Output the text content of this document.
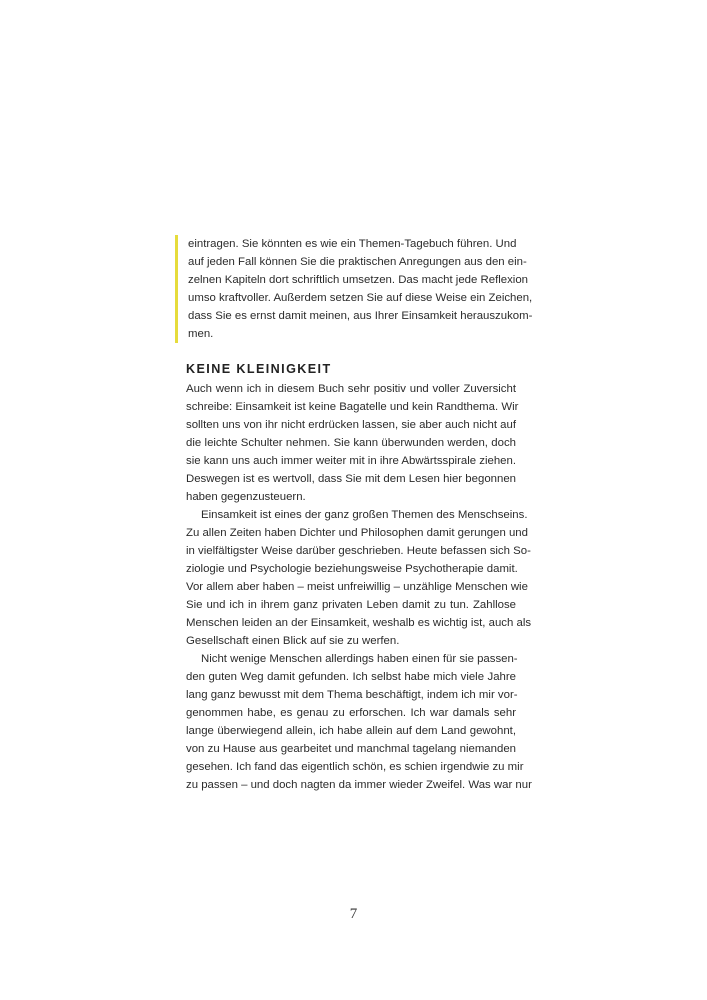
eintragen. Sie könnten es wie ein Themen-Tagebuch führen. Und
auf jeden Fall können Sie die praktischen Anregungen aus den ein-
zelnen Kapiteln dort schriftlich umsetzen. Das macht jede Reflexion
umso kraftvoller. Außerdem setzen Sie auf diese Weise ein Zeichen,
dass Sie es ernst damit meinen, aus Ihrer Einsamkeit herauszukom-
men.
KEINE KLEINIGKEIT
Auch wenn ich in diesem Buch sehr positiv und voller Zuversicht
schreibe: Einsamkeit ist keine Bagatelle und kein Randthema. Wir
sollten uns von ihr nicht erdrücken lassen, sie aber auch nicht auf
die leichte Schulter nehmen. Sie kann überwunden werden, doch
sie kann uns auch immer weiter mit in ihre Abwärtsspirale ziehen.
Deswegen ist es wertvoll, dass Sie mit dem Lesen hier begonnen
haben gegenzusteuern.
Einsamkeit ist eines der ganz großen Themen des Menschseins.
Zu allen Zeiten haben Dichter und Philosophen damit gerungen und
in vielfältigster Weise darüber geschrieben. Heute befassen sich So-
ziologie und Psychologie beziehungsweise Psychotherapie damit.
Vor allem aber haben – meist unfreiwillig – unzählige Menschen wie
Sie und ich in ihrem ganz privaten Leben damit zu tun. Zahllose
Menschen leiden an der Einsamkeit, weshalb es wichtig ist, auch als
Gesellschaft einen Blick auf sie zu werfen.
Nicht wenige Menschen allerdings haben einen für sie passen-
den guten Weg damit gefunden. Ich selbst habe mich viele Jahre
lang ganz bewusst mit dem Thema beschäftigt, indem ich mir vor-
genommen habe, es genau zu erforschen. Ich war damals sehr
lange überwiegend allein, ich habe allein auf dem Land gewohnt,
von zu Hause aus gearbeitet und manchmal tagelang niemanden
gesehen. Ich fand das eigentlich schön, es schien irgendwie zu mir
zu passen – und doch nagten da immer wieder Zweifel. Was war nur
7
